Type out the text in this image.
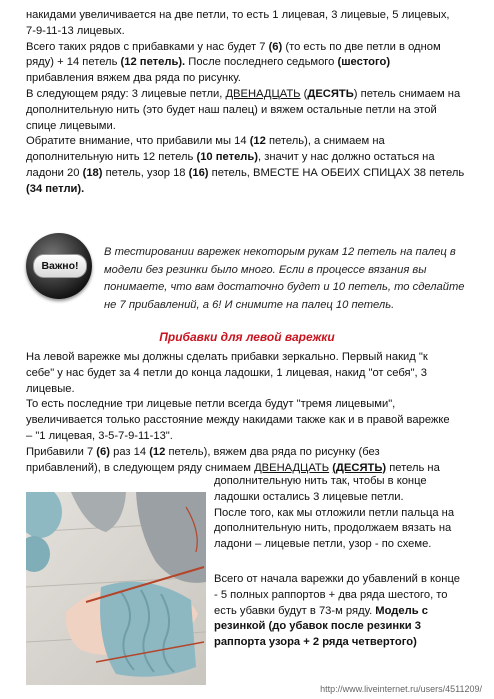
накидами увеличивается на две петли, то есть 1 лицевая, 3 лицевые, 5 лицевых,
7-9-11-13 лицевых.
Всего таких рядов с прибавками у нас будет 7 (6) (то есть по две петли в одном
ряду) + 14 петель (12 петель). После последнего седьмого (шестого)
прибавления вяжем два ряда по рисунку.
В следующем ряду: 3 лицевые петли, ДВЕНАДЦАТЬ (ДЕСЯТЬ) петель снимаем на
дополнительную нить (это будет наш палец) и вяжем остальные петли на этой
спице лицевыми.
Обратите внимание, что прибавили мы 14 (12 петель), а снимаем на
дополнительную нить 12 петель (10 петель), значит у нас должно остаться на
ладони 20 (18) петель, узор 18 (16) петель, ВМЕСТЕ НА ОБЕИХ СПИЦАХ 38 петель
(34 петли).
Важно!
В тестировании варежек некоторым рукам 12 петель на палец в
модели без резинки было много. Если в процессе вязания вы
понимаете, что вам достаточно будет и 10 петель, то сделайте
не 7 прибавлений, а 6! И снимите на палец 10 петель.
Прибавки для левой варежки
На левой варежке мы должны сделать прибавки зеркально. Первый накид "к
себе" у нас будет за 4 петли до конца ладошки, 1 лицевая, накид "от себя", 3
лицевые.
То есть последние три лицевые петли всегда будут "тремя лицевыми",
увеличивается только расстояние между накидами также как и в правой варежке
– "1 лицевая, 3-5-7-9-11-13".
Прибавили 7 (6) раз 14 (12 петель), вяжем два ряда по рисунку (без
прибавлений), в следующем ряду снимаем ДВЕНАДЦАТЬ (ДЕСЯТЬ) петель на
дополнительную нить так, чтобы в конце
ладошки остались 3 лицевые петли.
После того, как мы отложили петли пальца на
дополнительную нить, продолжаем вязать на
ладони – лицевые петли, узор - по схеме.
Всего от начала варежки до убавлений в конце
- 5 полных раппортов + два ряда шестого, то
есть убавки будут в 73-м ряду. Модель с
резинкой (до убавок после резинки 3
раппорта узора + 2 ряда четвертого)
http://www.liveinternet.ru/users/4511209/
